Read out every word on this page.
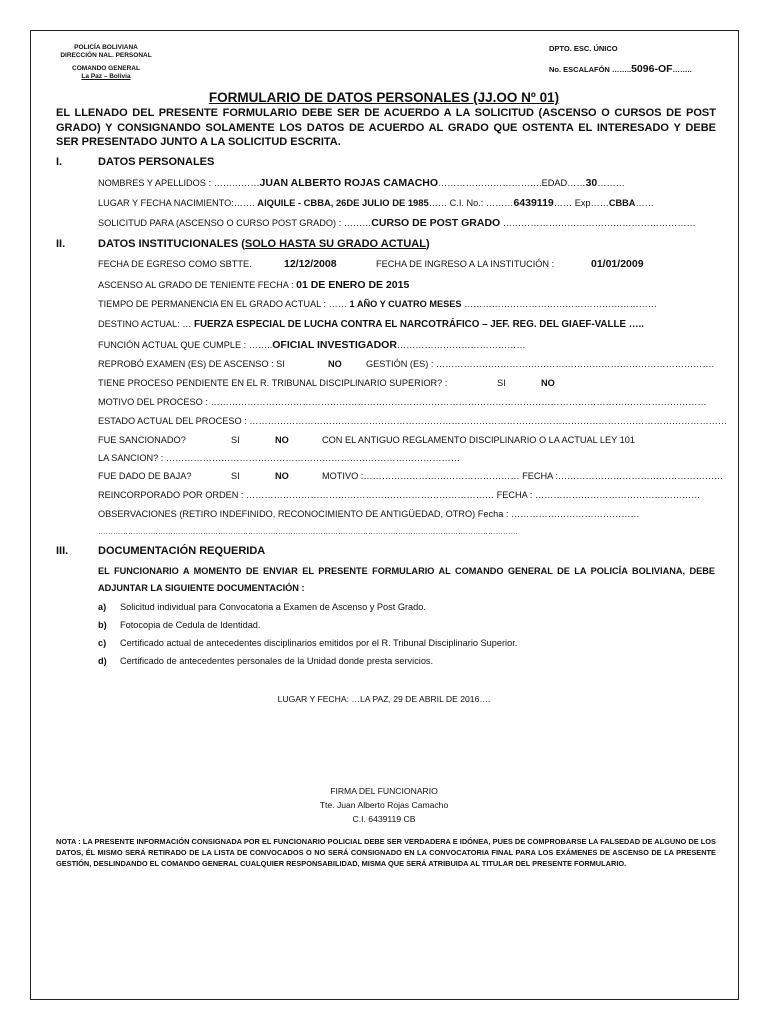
POLICÍA BOLIVIANA
DIRECCIÓN NAL. PERSONAL
COMANDO GENERAL
La Paz – Bolivia
DPTO. ESC. ÚNICO
No. ESCALAFÓN ……..5096-OF……..
FORMULARIO DE DATOS PERSONALES (JJ.OO Nº 01)
EL LLENADO DEL PRESENTE FORMULARIO DEBE SER DE ACUERDO A LA SOLICITUD (ASCENSO O CURSOS DE POST GRADO) Y CONSIGNANDO SOLAMENTE LOS DATOS DE ACUERDO AL GRADO QUE OSTENTA EL INTERESADO Y DEBE SER PRESENTADO JUNTO A LA SOLICITUD ESCRITA.
I.	DATOS PERSONALES
NOMBRES Y APELLIDOS : ……………JUAN ALBERTO ROJAS CAMACHO…………………………….EDAD……30………
LUGAR Y FECHA NACIMIENTO:……. AIQUILE - CBBA, 26DE JULIO DE 1985…… C.I. No.: ………6439119…… Exp……CBBA……
SOLICITUD PARA (ASCENSO O CURSO POST GRADO) : ………CURSO DE POST GRADO ………………………………………………………
II.	DATOS INSTITUCIONALES (SOLO HASTA SU GRADO ACTUAL)
FECHA DE EGRESO COMO SBTTE.	12/12/2008	FECHA DE INGRESO A LA INSTITUCIÓN :	01/01/2009
ASCENSO AL GRADO DE TENIENTE FECHA : 01 DE ENERO DE 2015
TIEMPO DE PERMANENCIA EN EL GRADO ACTUAL : …… 1 AÑO Y CUATRO MESES ………………………………………………………
DESTINO ACTUAL: … FUERZA ESPECIAL DE LUCHA CONTRA EL NARCOTRÁFICO – JEF. REG. DEL GIAEF-VALLE …..
FUNCIÓN ACTUAL QUE CUMPLE : ……..OFICIAL INVESTIGADOR……………………………………
REPROBÓ EXAMEN (ES) DE ASCENSO : SI	NO	GESTIÓN (ES) : ……………………………………………………………………………….
TIENE PROCESO PENDIENTE EN EL R. TRIBUNAL DISCIPLINARIO SUPERIOR? :	SI	NO
MOTIVO DEL PROCESO : ………………………………………………………………………………………………………………………………………………
ESTADO ACTUAL DEL PROCESO : …………………………………………………………………………………………………………………………………………
FUE SANCIONADO?	SI	NO	CON EL ANTIGUO REGLAMENTO DISCIPLINARIO O LA ACTUAL LEY 101
LA SANCION? : ……………………………………………………………………………………
FUE DADO DE BAJA?	SI	NO	MOTIVO :…………………………………………… FECHA :………………………………………………
REINCORPORADO POR ORDEN : ……………………………………………………………………… FECHA : ………………………………………………
OBSERVACIONES (RETIRO INDEFINIDO, RECONOCIMIENTO DE ANTIGÜEDAD, OTRO) Fecha : ……………………………………
……………………………………………………………………………………………………………………………………………………
III.	DOCUMENTACIÓN REQUERIDA
EL FUNCIONARIO A MOMENTO DE ENVIAR EL PRESENTE FORMULARIO AL COMANDO GENERAL DE LA POLICÍA BOLIVIANA, DEBE ADJUNTAR LA SIGUIENTE DOCUMENTACIÓN :
a) Solicitud individual para Convocatoria a Examen de Ascenso y Post Grado.
b) Fotocopia de Cedula de Identidad.
c) Certificado actual de antecedentes disciplinarios emitidos por el R. Tribunal Disciplinario Superior.
d) Certificado de antecedentes personales de la Unidad donde presta servicios.
LUGAR Y FECHA: …LA PAZ, 29 DE ABRIL DE 2016….
FIRMA DEL FUNCIONARIO
Tte. Juan Alberto Rojas Camacho
C.I. 6439119 CB
NOTA : LA PRESENTE INFORMACIÓN CONSIGNADA POR EL FUNCIONARIO POLICIAL DEBE SER VERDADERA E IDÓNEA, PUES DE COMPROBARSE LA FALSEDAD DE ALGUNO DE LOS DATOS, ÉL MISMO SERÁ RETIRADO DE LA LISTA DE CONVOCADOS O NO SERÁ CONSIGNADO EN LA CONVOCATORIA FINAL PARA LOS EXÁMENES DE ASCENSO DE LA PRESENTE GESTIÓN, DESLINDANDO EL COMANDO GENERAL CUALQUIER RESPONSABILIDAD, MISMA QUE SERÁ ATRIBUIDA AL TITULAR DEL PRESENTE FORMULARIO.
